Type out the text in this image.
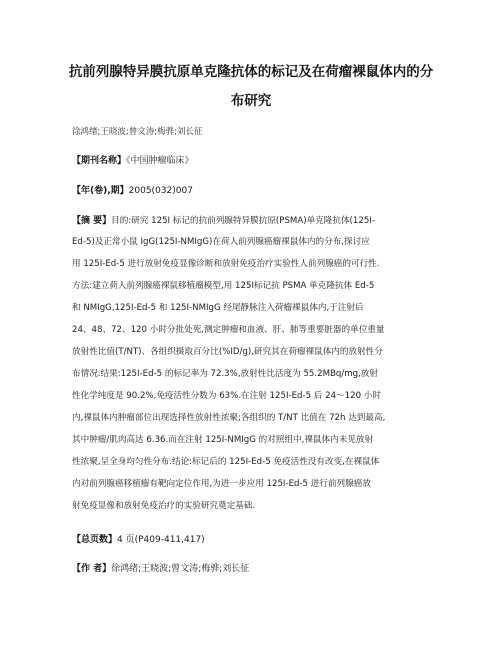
抗前列腺特异膜抗原单克隆抗体的标记及在荷瘤裸鼠体内的分
布研究
徐鸿绪;王晓波;曾文涛;梅骅;刘长征
【期刊名称】《中国肿瘤临床》
【年(卷),期】2005(032)007
【摘 要】目的:研究 125I 标记的抗前列腺特异膜抗原(PSMA)单克隆抗体(125Ⅰ-
Ed-5)及正常小鼠 IgG(125Ⅰ-NMIgG)在荷人前列腺癌瘤裸鼠体内的分布,探讨应
用 125Ⅰ-Ed-5 进行放射免疫显像诊断和放射免疫治疗实验性人前列腺癌的可行性.
方法:建立荷人前列腺癌裸鼠移植瘤模型,用 125Ⅰ标记抗 PSMA 单克隆抗体 Ed-5
和 NMIgG,125Ⅰ-Ed-5 和 125Ⅰ-NMIgG 经尾静脉注入荷瘤裸鼠体内,于注射后
24、48、72、120 小时分批处死,测定肿瘤和血液、肝、肺等重要脏器的单位重量
放射性比值(T/NT)、各组织摄取百分比(%ID/g),研究其在荷瘤裸鼠体内的放射性分
布情况.结果:125Ⅰ-Ed-5 的标记率为 72.3%,放射性比活度为 55.2MBq/mg,放射
性化学纯度是 90.2%,免疫活性分数为 63%.在注射 125Ⅰ-Ed-5 后 24～120 小时
内,裸鼠体内肿瘤部位出现选择性放射性浓聚;各组织的 T/NT 比值在 72h 达到最高,
其中肿瘤/肌肉高达 6.36.而在注射 125Ⅰ-NMIgG 的对照组中,裸鼠体内未见放射
性浓聚,呈全身均匀性分布.结论:标记后的 125Ⅰ-Ed-5 免疫活性没有改变,在裸鼠体
内对前列腺癌移植瘤有靶向定位作用,为进一步应用 125Ⅰ-Ed-5 进行前列腺癌放
射免疫显像和放射免疫治疗的实验研究奠定基础.
【总页数】4 页(P409-411,417)
【作 者】徐鸿绪;王晓波;曾文涛;梅骅;刘长征
